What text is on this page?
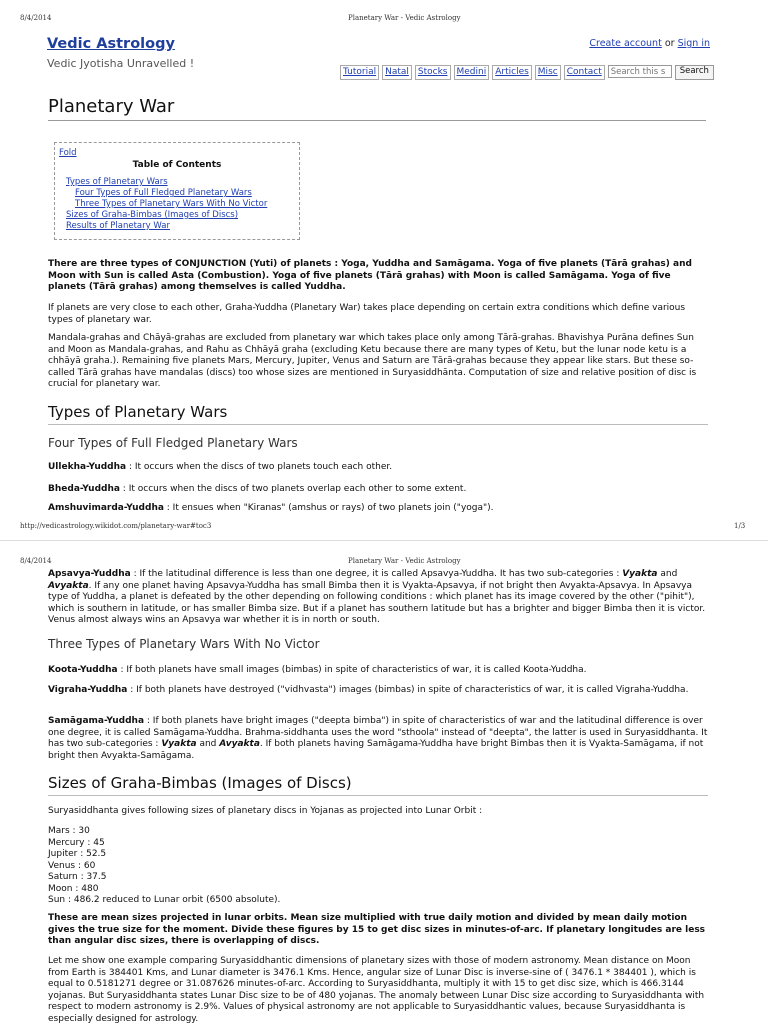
8/4/2014	Planetary War - Vedic Astrology
Vedic Astrology
Vedic Jyotisha Unravelled !
Create account or Sign in
Tutorial	Natal	Stocks	Medini	Articles	Misc	Contact
Search this s	Search
Planetary War
Fold
Table of Contents
Types of Planetary Wars
Four Types of Full Fledged Planetary Wars
Three Types of Planetary Wars With No Victor
Sizes of Graha-Bimbas (Images of Discs)
Results of Planetary War

There are three types of CONJUNCTION (Yuti) of planets : Yoga, Yuddha and Samāgama. Yoga of five planets (Tārā grahas) and Moon with Sun is called Asta (Combustion). Yoga of five planets (Tārā grahas) with Moon is called Samāgama. Yoga of five planets (Tārā grahas) among themselves is called Yuddha.

If planets are very close to each other, Graha-Yuddha (Planetary War) takes place depending on certain extra conditions which define various types of planetary war.

Mandala-grahas and Chāyā-grahas are excluded from planetary war which takes place only among Tārā-grahas. Bhavishya Purāna defines Sun and Moon as Mandala-grahas, and Rahu as Chhāyā graha (excluding Ketu because there are many types of Ketu, but the lunar node ketu is a chhāyā graha.). Remaining five planets Mars, Mercury, Jupiter, Venus and Saturn are Tārā-grahas because they appear like stars. But these so-called Tārā grahas have mandalas (discs) too whose sizes are mentioned in Suryasiddhānta. Computation of size and relative position of disc is crucial for planetary war.

Types of Planetary Wars
Four Types of Full Fledged Planetary Wars

Ullekha-Yuddha : It occurs when the discs of two planets touch each other.

Bheda-Yuddha : It occurs when the discs of two planets overlap each other to some extent.

Amshuvimarda-Yuddha : It ensues when "Kiranas" (amshus or rays) of two planets join ("yoga").

http://vedicastrology.wikidot.com/planetary-war#toc3	1/3
8/4/2014	Planetary War - Vedic Astrology

Apsavya-Yuddha : If the latitudinal difference is less than one degree, it is called Apsavya-Yuddha. It has two sub-categories : Vyakta and Avyakta. If any one planet having Apsavya-Yuddha has small Bimba then it is Vyakta-Apsavya, if not bright then Avyakta-Apsavya. In Apsavya type of Yuddha, a planet is defeated by the other depending on following conditions : which planet has its image covered by the other ("pihit"), which is southern in latitude, or has smaller Bimba size. But if a planet has southern latitude but has a brighter and bigger Bimba then it is victor. Venus almost always wins an Apsavya war whether it is in north or south.

Three Types of Planetary Wars With No Victor

Koota-Yuddha : If both planets have small images (bimbas) in spite of characteristics of war, it is called Koota-Yuddha.

Vigraha-Yuddha : If both planets have destroyed ("vidhvasta") images (bimbas) in spite of characteristics of war, it is called Vigraha-Yuddha.

Samāgama-Yuddha : If both planets have bright images ("deepta bimba") in spite of characteristics of war and the latitudinal difference is over one degree, it is called Samāgama-Yuddha. Brahma-siddhanta uses the word "sthoola" instead of "deepta", the latter is used in Suryasiddhanta. It has two sub-categories : Vyakta and Avyakta. If both planets having Samāgama-Yuddha have bright Bimbas then it is Vyakta-Samāgama, if not bright then Avyakta-Samāgama.

Sizes of Graha-Bimbas (Images of Discs)

Suryasiddhanta gives following sizes of planetary discs in Yojanas as projected into Lunar Orbit :

Mars : 30
Mercury : 45
Jupiter : 52.5
Venus : 60
Saturn : 37.5
Moon : 480
Sun : 486.2 reduced to Lunar orbit (6500 absolute).

These are mean sizes projected in lunar orbits. Mean size multiplied with true daily motion and divided by mean daily motion gives the true size for the moment. Divide these figures by 15 to get disc sizes in minutes-of-arc. If planetary longitudes are less than angular disc sizes, there is overlapping of discs.

Let me show one example comparing Suryasiddhantic dimensions of planetary sizes with those of modern astronomy. Mean distance on Moon from Earth is 384401 Kms, and Lunar diameter is 3476.1 Kms. Hence, angular size of Lunar Disc is inverse-sine of ( 3476.1 * 384401 ), which is equal to 0.5181271 degree or 31.087626 minutes-of-arc. According to Suryasiddhanta, multiply it with 15 to get disc size, which is 466.3144 yojanas. But Suryasiddhanta states Lunar Disc size to be of 480 yojanas. The anomaly between Lunar Disc size according to Suryasiddhanta with respect to modern astronomy is 2.9%. Values of physical astronomy are not applicable to Suryasiddhantic values, because Suryasiddhanta is especially designed for astrology.
